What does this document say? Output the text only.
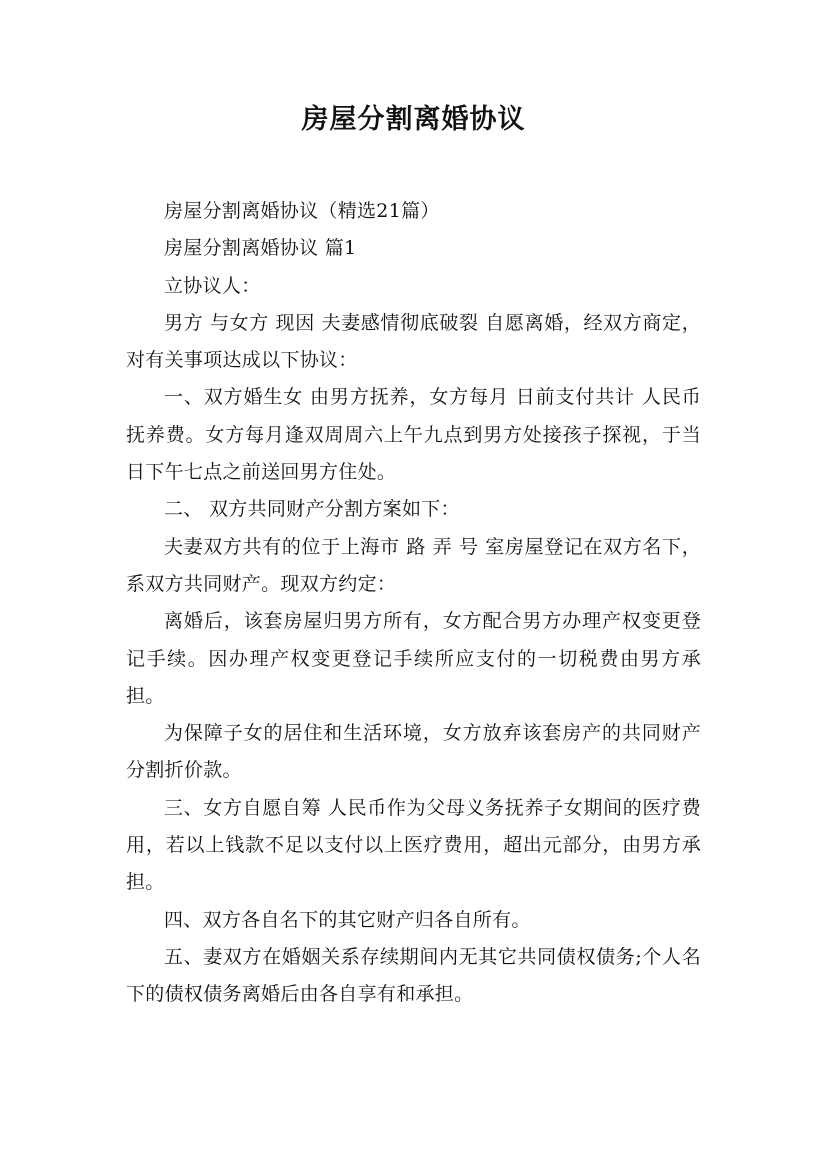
房屋分割离婚协议

房屋分割离婚协议（精选21篇）

房屋分割离婚协议 篇1

立协议人：

男方 与女方 现因 夫妻感情彻底破裂 自愿离婚，经双方商定，对有关事项达成以下协议：

一、双方婚生女 由男方抚养，女方每月 日前支付共计 人民币抚养费。女方每月逢双周周六上午九点到男方处接孩子探视，于当日下午七点之前送回男方住处。

二、 双方共同财产分割方案如下：

夫妻双方共有的位于上海市 路 弄 号 室房屋登记在双方名下，系双方共同财产。现双方约定：

离婚后，该套房屋归男方所有，女方配合男方办理产权变更登记手续。因办理产权变更登记手续所应支付的一切税费由男方承担。

为保障子女的居住和生活环境，女方放弃该套房产的共同财产分割折价款。

三、女方自愿自筹 人民币作为父母义务抚养子女期间的医疗费用，若以上钱款不足以支付以上医疗费用，超出元部分，由男方承担。

四、双方各自名下的其它财产归各自所有。

五、妻双方在婚姻关系存续期间内无其它共同债权债务;个人名下的债权债务离婚后由各自享有和承担。
